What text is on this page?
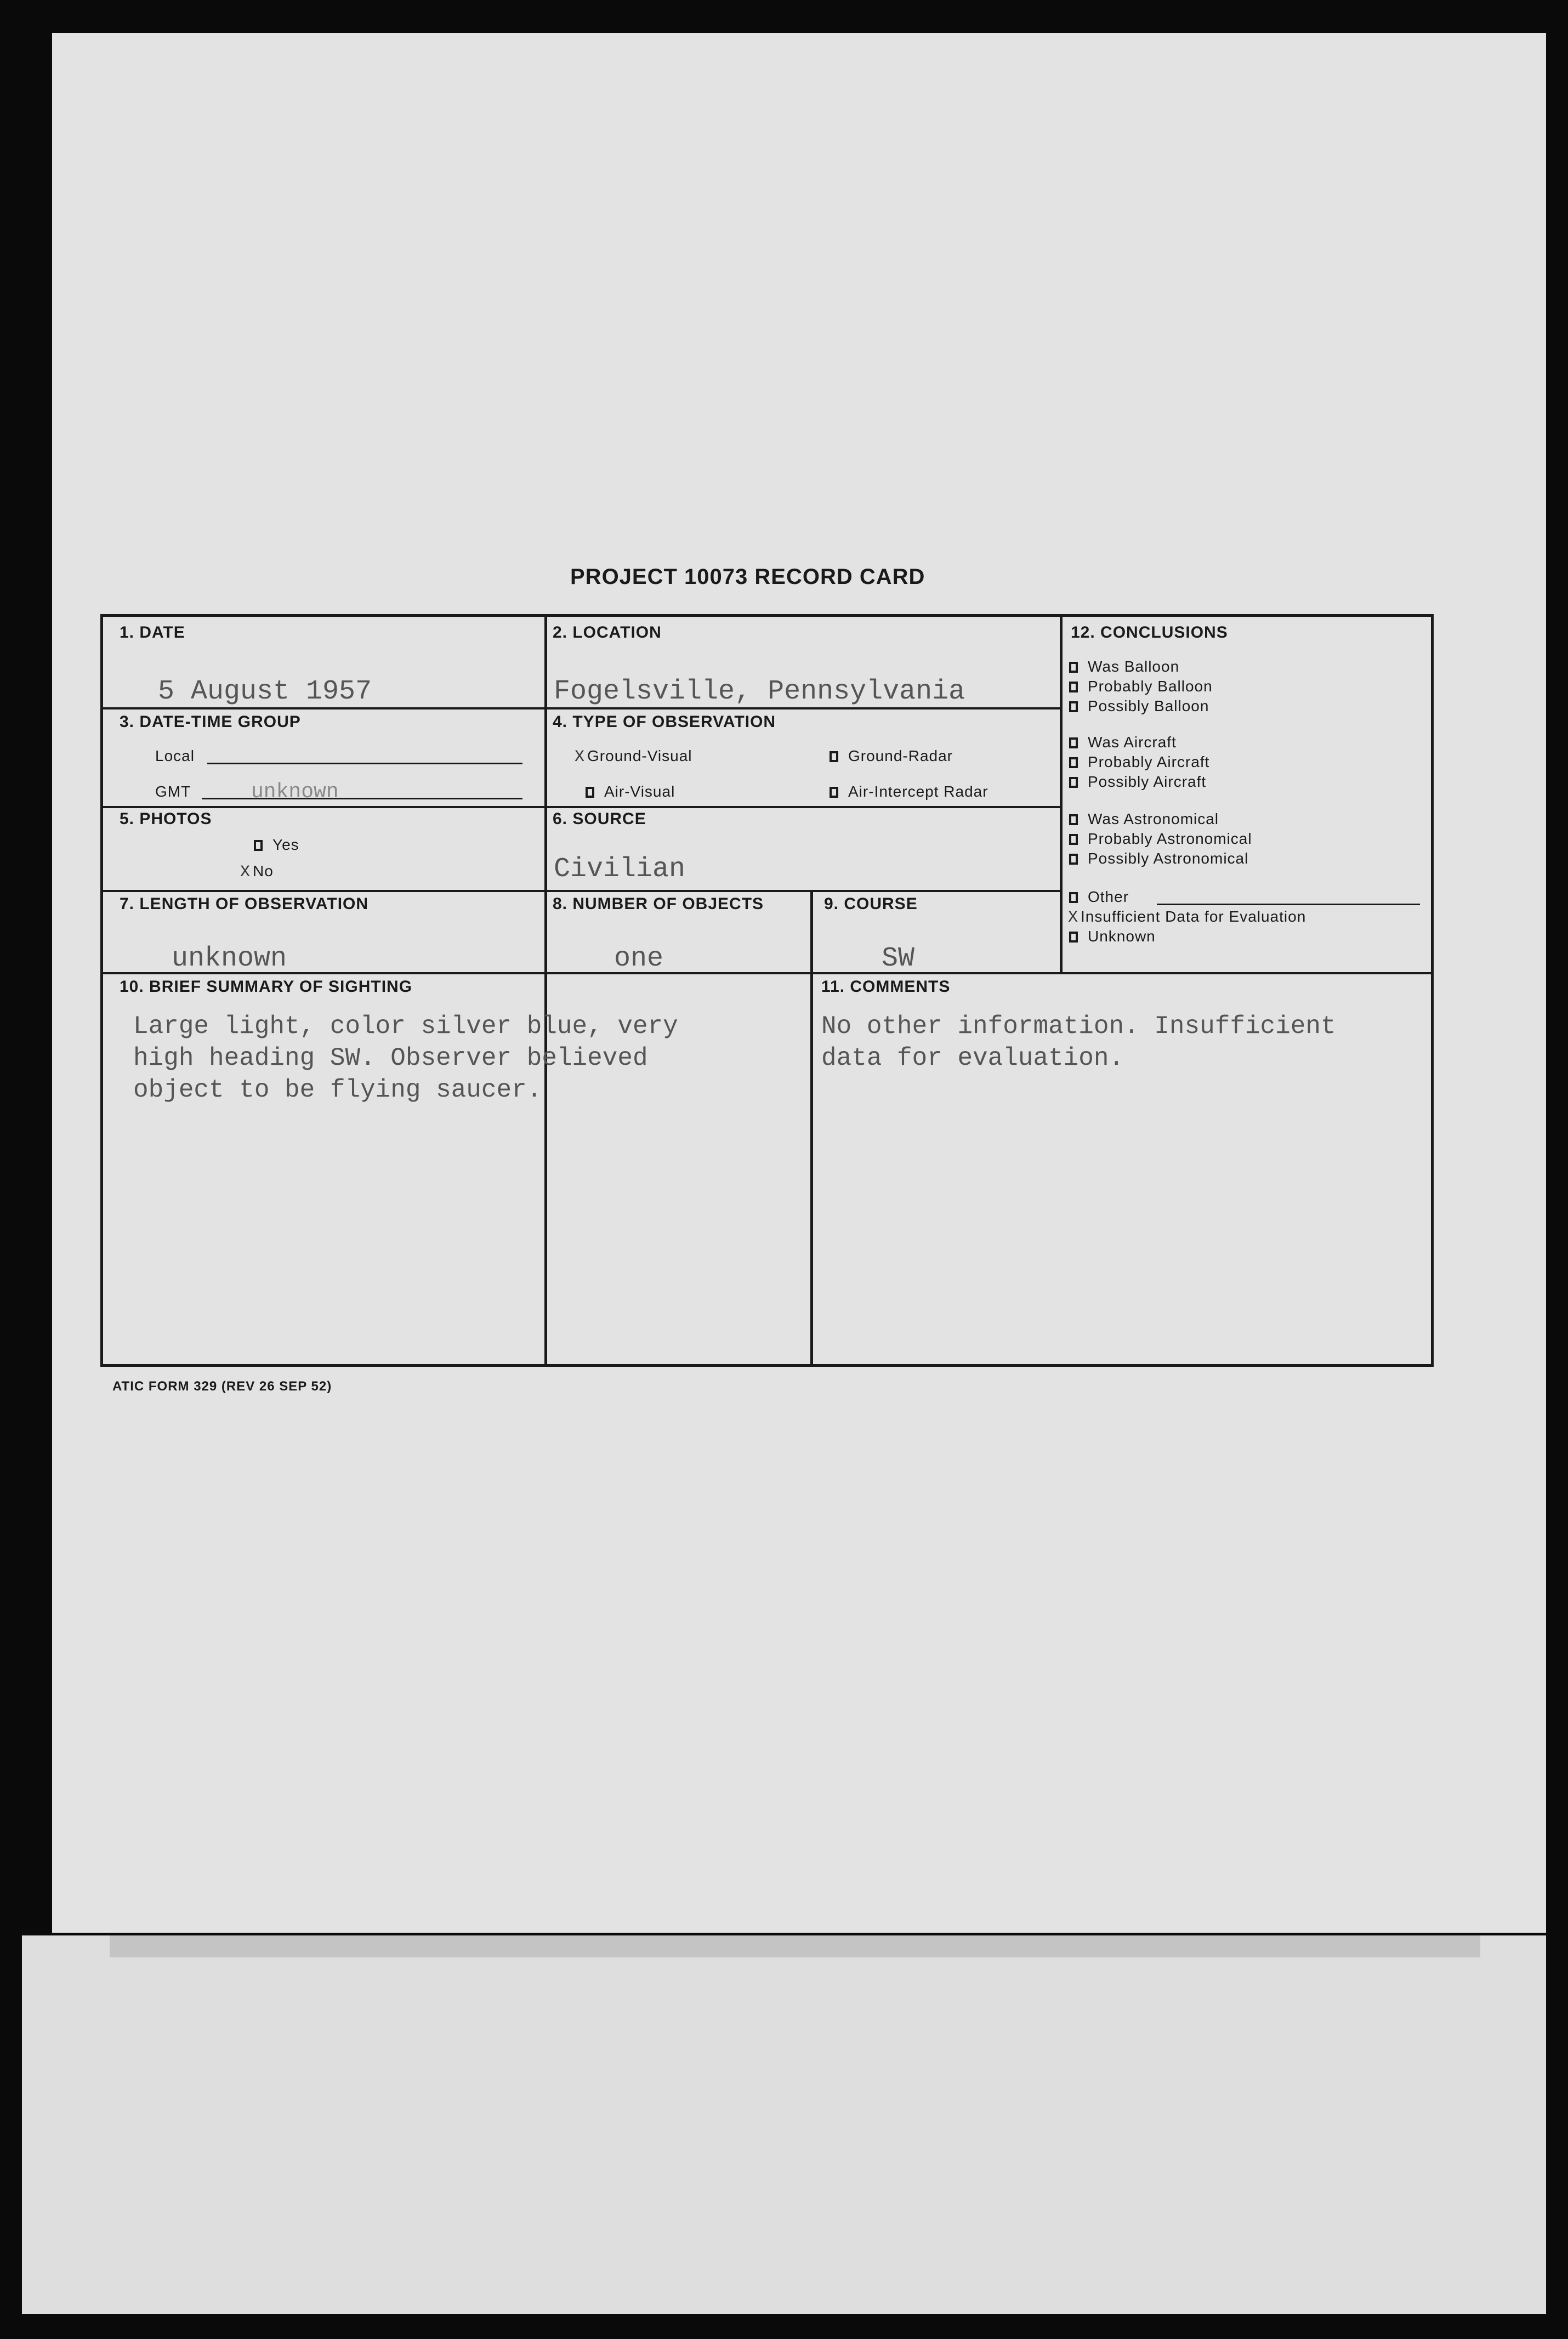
PROJECT 10073 RECORD CARD
1. DATE
5 August 1957
2. LOCATION
Fogelsville, Pennsylvania
3. DATE-TIME GROUP
Local
GMT	unknown
4. TYPE OF OBSERVATION
X Ground-Visual	Ground-Radar
Air-Visual	Air-Intercept Radar
5. PHOTOS
Yes
X No
6. SOURCE
Civilian
7. LENGTH OF OBSERVATION
unknown
8. NUMBER OF OBJECTS
one
9. COURSE
SW
10. BRIEF SUMMARY OF SIGHTING
Large light, color silver blue, very
high heading SW. Observer believed
object to be flying saucer.
11. COMMENTS
No other information. Insufficient
data for evaluation.
12. CONCLUSIONS
Was Balloon
Probably Balloon
Possibly Balloon
Was Aircraft
Probably Aircraft
Possibly Aircraft
Was Astronomical
Probably Astronomical
Possibly Astronomical
Other
X Insufficient Data for Evaluation
Unknown
ATIC FORM 329 (REV 26 SEP 52)
